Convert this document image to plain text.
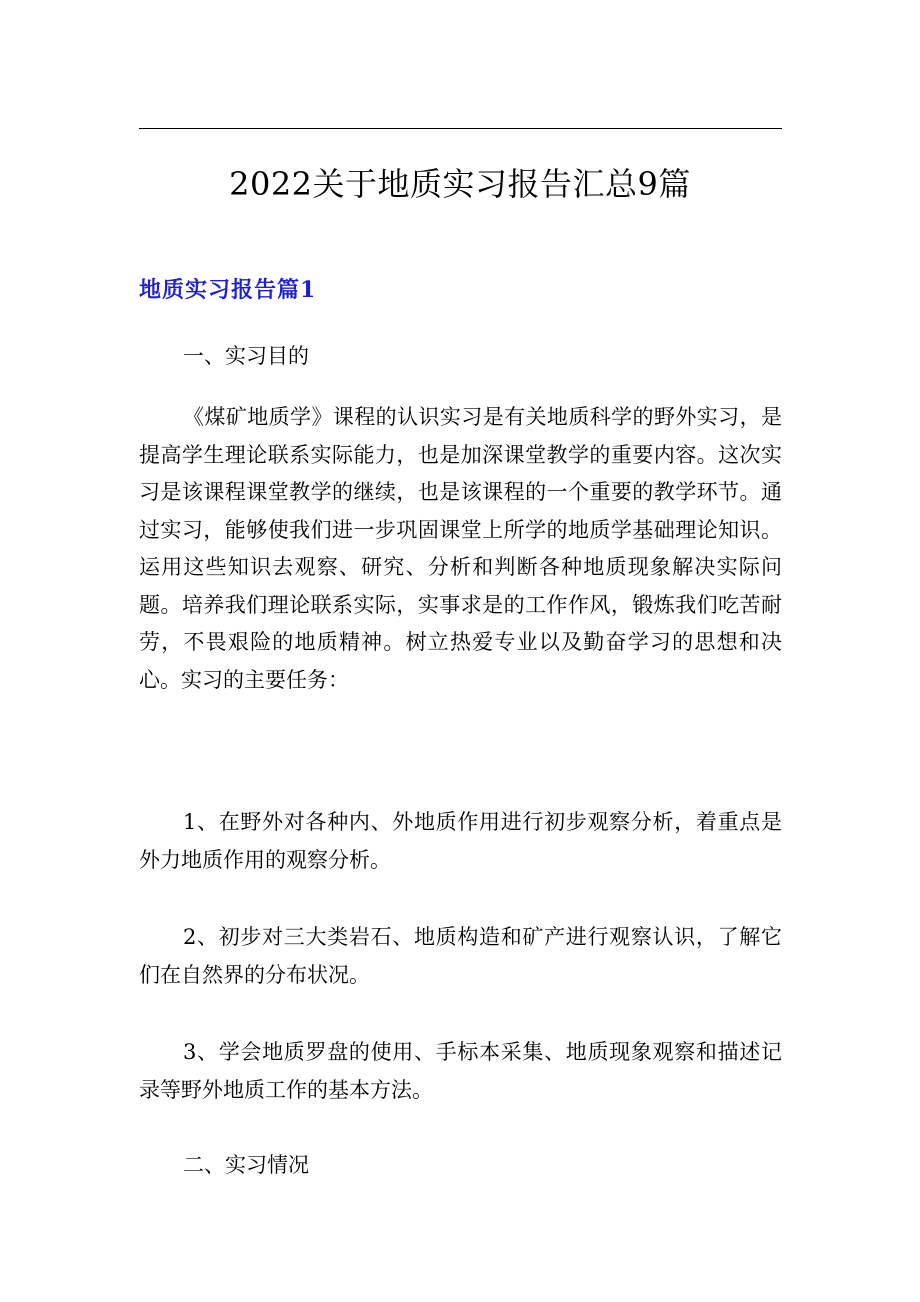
2022关于地质实习报告汇总9篇
地质实习报告篇1

一、实习目的

《煤矿地质学》课程的认识实习是有关地质科学的野外实习，是提高学生理论联系实际能力，也是加深课堂教学的重要内容。这次实习是该课程课堂教学的继续，也是该课程的一个重要的教学环节。通过实习，能够使我们进一步巩固课堂上所学的地质学基础理论知识。运用这些知识去观察、研究、分析和判断各种地质现象解决实际问题。培养我们理论联系实际，实事求是的工作作风，锻炼我们吃苦耐劳，不畏艰险的地质精神。树立热爱专业以及勤奋学习的思想和决心。实习的主要任务：

1、在野外对各种内、外地质作用进行初步观察分析，着重点是外力地质作用的观察分析。

2、初步对三大类岩石、地质构造和矿产进行观察认识，了解它们在自然界的分布状况。

3、学会地质罗盘的使用、手标本采集、地质现象观察和描述记录等野外地质工作的基本方法。

二、实习情况
